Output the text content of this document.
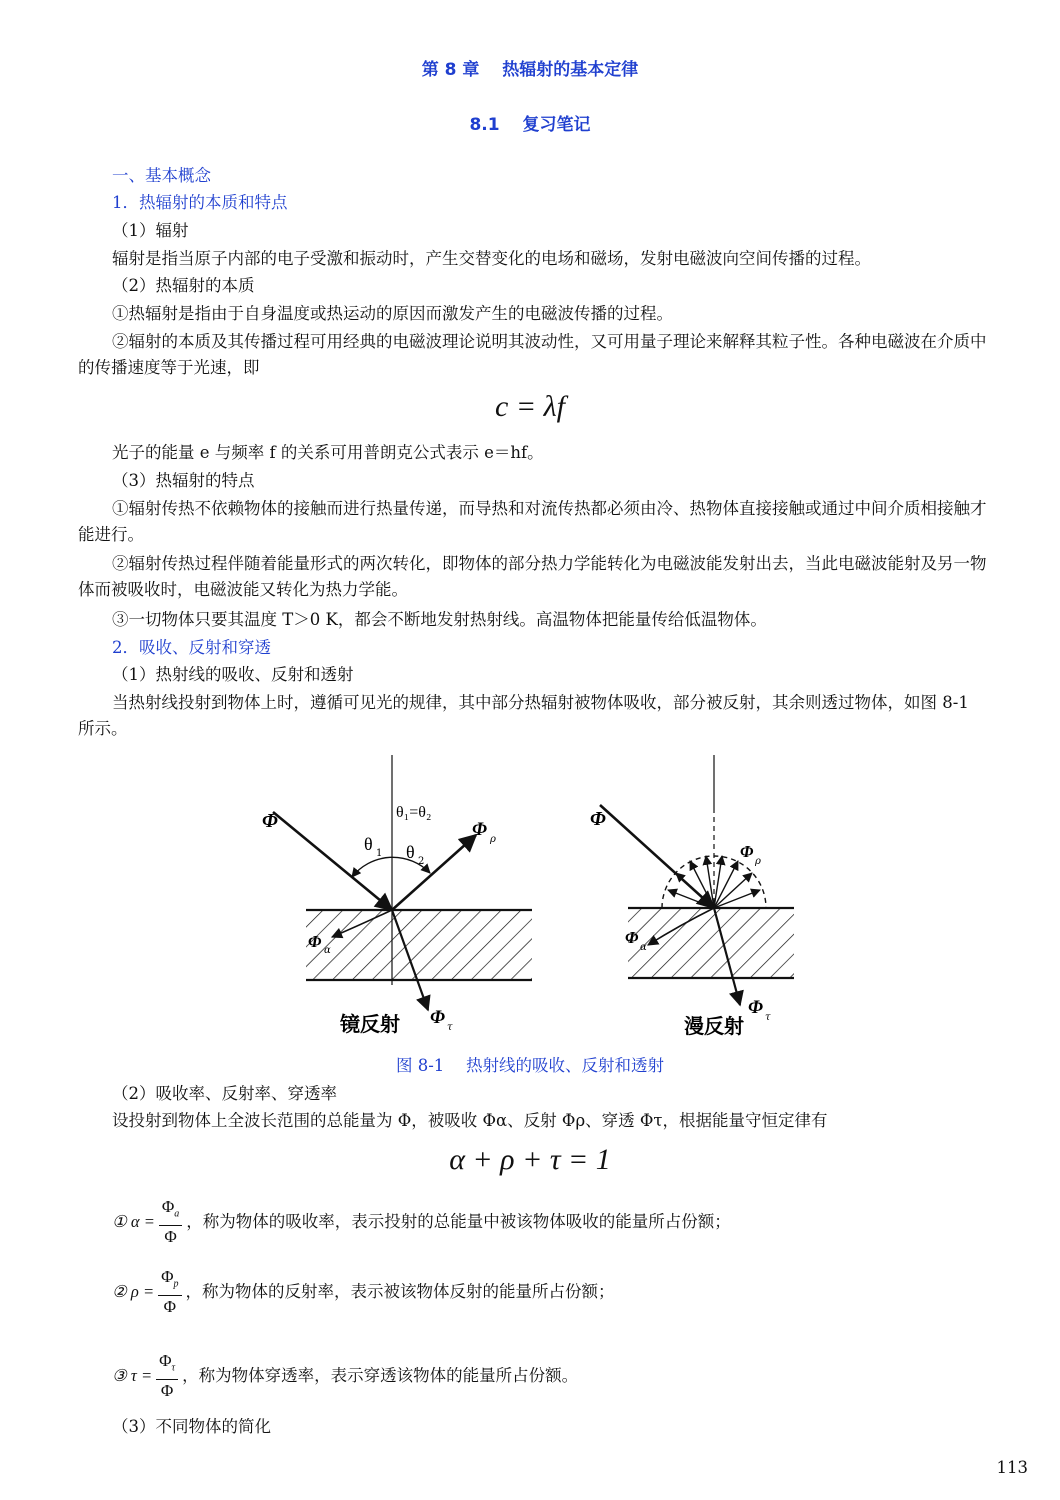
第 8 章　 热辐射的基本定律
8.1　 复习笔记
一、基本概念
1．热辐射的本质和特点
（1）辐射
辐射是指当原子内部的电子受激和振动时，产生交替变化的电场和磁场，发射电磁波向空间传播的过程。
（2）热辐射的本质
①热辐射是指由于自身温度或热运动的原因而激发产生的电磁波传播的过程。
②辐射的本质及其传播过程可用经典的电磁波理论说明其波动性，又可用量子理论来解释其粒子性。各种电磁波在介质中的传播速度等于光速，即
c = λf
光子的能量 e 与频率 f 的关系可用普朗克公式表示 e＝hf。
（3）热辐射的特点
①辐射传热不依赖物体的接触而进行热量传递，而导热和对流传热都必须由冷、热物体直接接触或通过中间介质相接触才能进行。
②辐射传热过程伴随着能量形式的两次转化，即物体的部分热力学能转化为电磁波能发射出去，当此电磁波能射及另一物体而被吸收时，电磁波能又转化为热力学能。
③一切物体只要其温度 T＞0 K，都会不断地发射热射线。高温物体把能量传给低温物体。
2．吸收、反射和穿透
（1）热射线的吸收、反射和透射
当热射线投射到物体上时，遵循可见光的规律，其中部分热辐射被物体吸收，部分被反射，其余则透过物体，如图 8-1 所示。
Φ	Φ ρ
Φ α
Φ τ
θ 1 θ 2
θ₁=θ₂
镜反射
Φ
Φ
ρ
Φ
α
Φ τ
漫反射
图 8-1　 热射线的吸收、反射和透射
（2）吸收率、反射率、穿透率
设投射到物体上全波长范围的总能量为 Φ，被吸收 Φα、反射 Φρ、穿透 Φτ，根据能量守恒定律有
α + ρ + τ = 1
① $\alpha = \frac{\Phi_a}{\Phi}$ ，称为物体的吸收率，表示投射的总能量中被该物体吸收的能量所占份额；
② $\rho = \frac{\Phi_p}{\Phi}$ ，称为物体的反射率，表示被该物体反射的能量所占份额；
③ $\tau = \frac{\Phi_\tau}{\Phi}$ ，称为物体穿透率，表示穿透该物体的能量所占份额。
（3）不同物体的简化
113
